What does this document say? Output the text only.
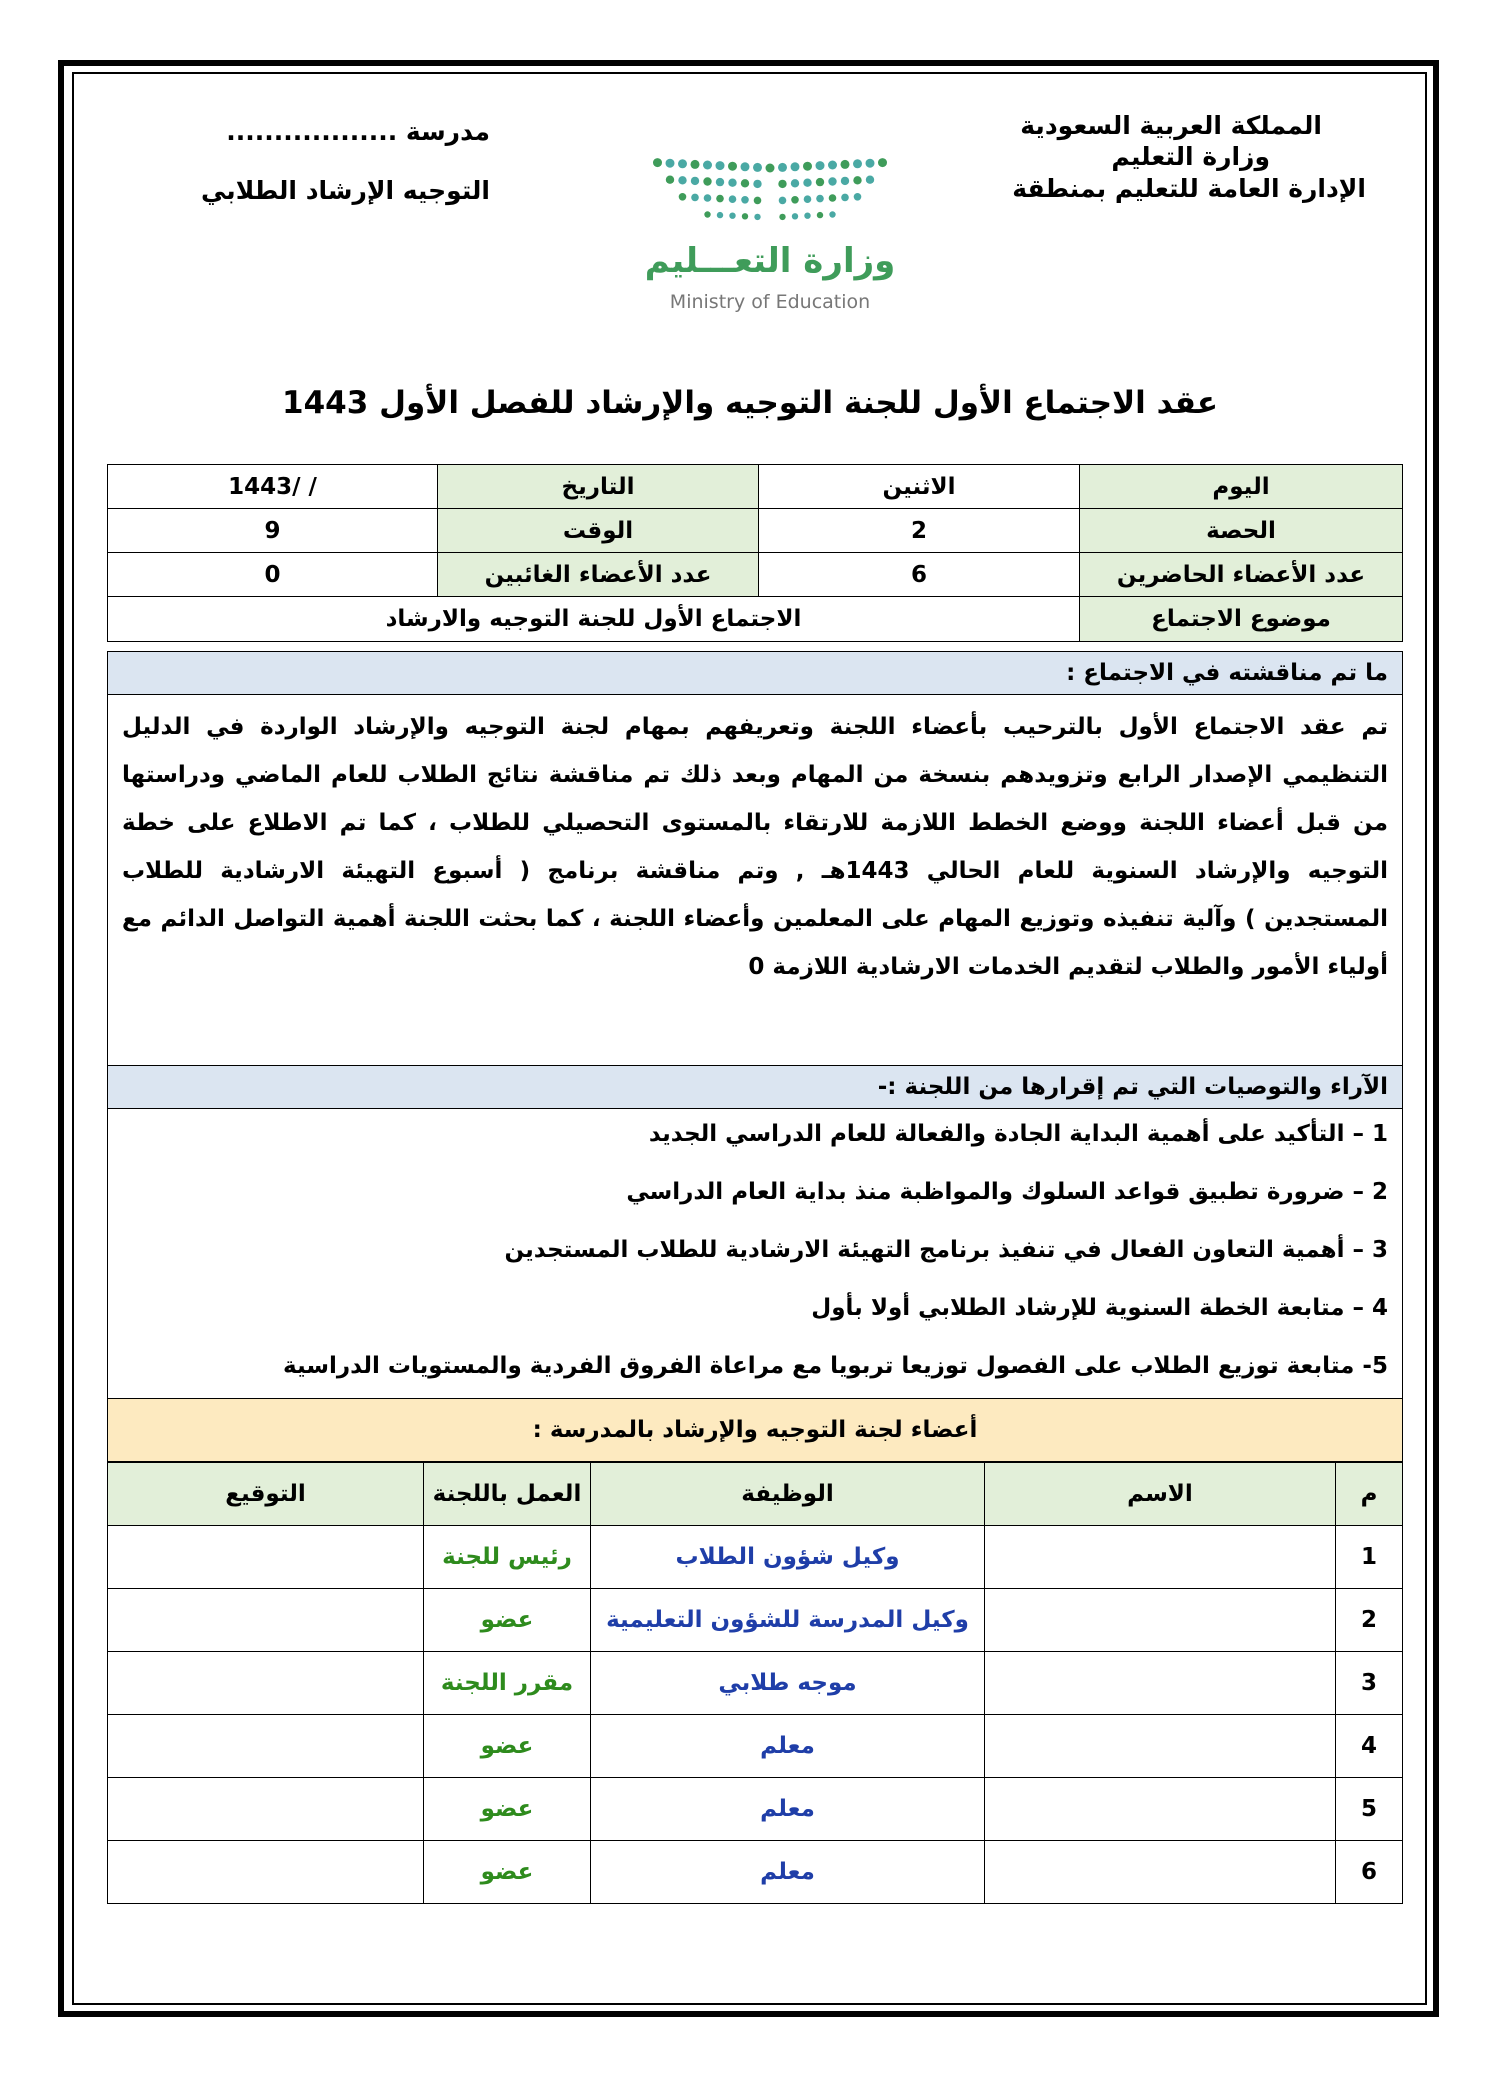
المملكة العربية السعودية
وزارة التعليم
الإدارة العامة للتعليم بمنطقة
مدرسة ..................
التوجيه الإرشاد الطلابي
وزارة التعـــليم
Ministry of Education
عقد الاجتماع الأول للجنة التوجيه والإرشاد للفصل الأول 1443
اليوم	الاثنين	التاريخ	/ /1443
الحصة	2	الوقت	9
عدد الأعضاء الحاضرين	6	عدد الأعضاء الغائبين	0
موضوع الاجتماع	الاجتماع الأول للجنة التوجيه والارشاد		
ما تم مناقشته في الاجتماع :
تم عقد الاجتماع الأول بالترحيب بأعضاء اللجنة وتعريفهم بمهام لجنة التوجيه والإرشاد الواردة في الدليل التنظيمي الإصدار الرابع وتزويدهم بنسخة من المهام وبعد ذلك تم مناقشة نتائج الطلاب للعام الماضي ودراستها من قبل أعضاء اللجنة ووضع الخطط اللازمة للارتقاء بالمستوى التحصيلي للطلاب ، كما تم الاطلاع على خطة التوجيه والإرشاد السنوية للعام الحالي 1443هـ , وتم مناقشة برنامج ( أسبوع التهيئة الارشادية للطلاب المستجدين ) وآلية تنفيذه وتوزيع المهام على المعلمين وأعضاء اللجنة ، كما بحثت اللجنة أهمية التواصل الدائم مع أولياء الأمور والطلاب لتقديم الخدمات الارشادية اللازمة 0
الآراء والتوصيات التي تم إقرارها من اللجنة :-
1 – التأكيد على أهمية البداية الجادة والفعالة للعام الدراسي الجديد
2 – ضرورة تطبيق قواعد السلوك والمواظبة منذ بداية العام الدراسي
3 – أهمية التعاون الفعال في تنفيذ برنامج التهيئة الارشادية للطلاب المستجدين
4 – متابعة الخطة السنوية للإرشاد الطلابي أولا بأول
5- متابعة توزيع الطلاب على الفصول توزيعا تربويا مع مراعاة الفروق الفردية والمستويات الدراسية
أعضاء لجنة التوجيه والإرشاد بالمدرسة :
م	الاسم	الوظيفة	العمل باللجنة	التوقيع
1		وكيل شؤون الطلاب	رئيس للجنة	
2		وكيل المدرسة للشؤون التعليمية	عضو	
3		موجه طلابي	مقرر اللجنة	
4		معلم	عضو	
5		معلم	عضو	
6		معلم	عضو	
